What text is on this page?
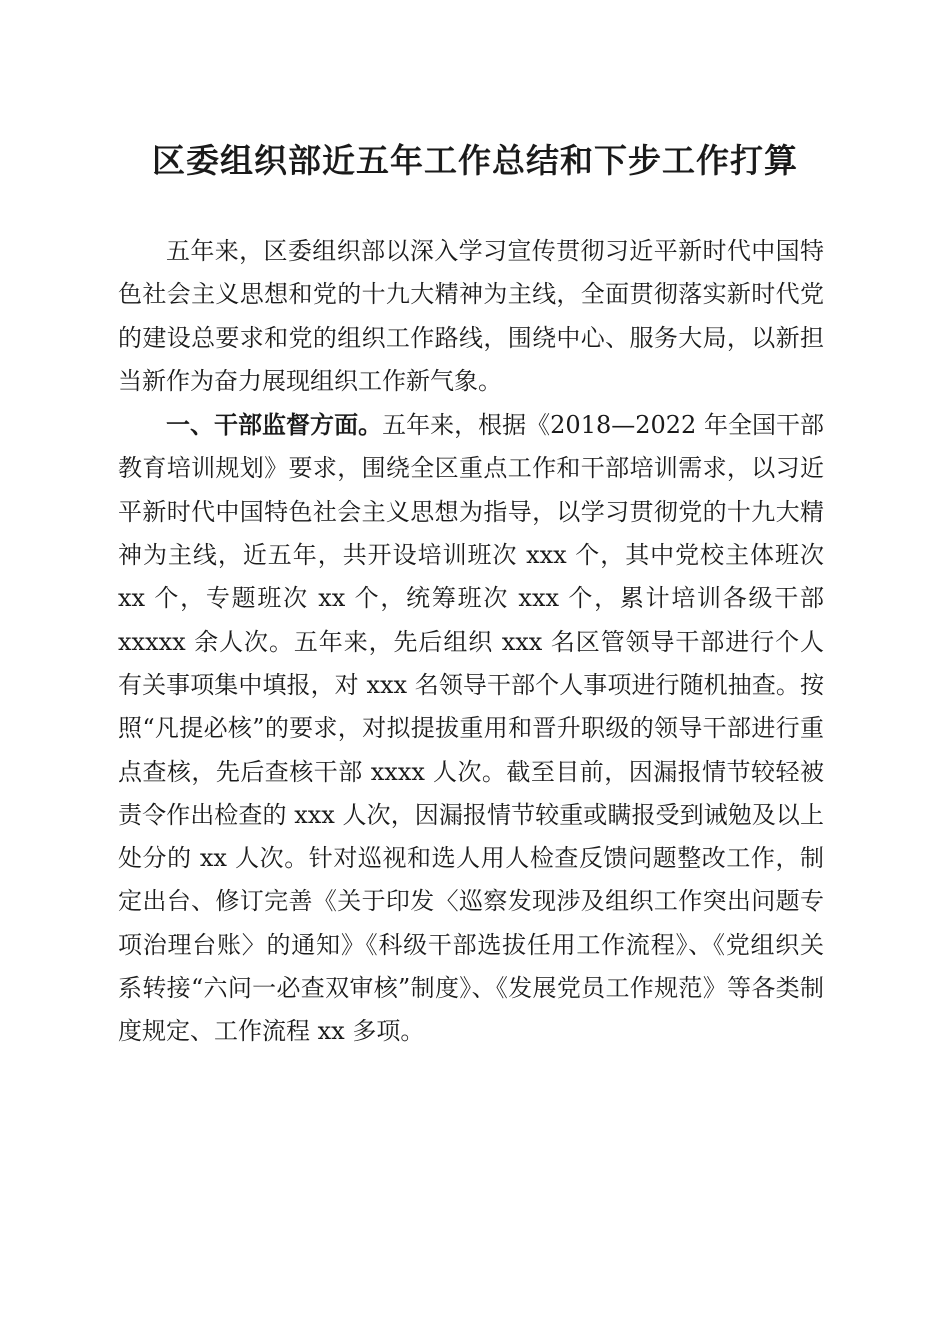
区委组织部近五年工作总结和下步工作打算

五年来，区委组织部以深入学习宣传贯彻习近平新时代中国特色社会主义思想和党的十九大精神为主线，全面贯彻落实新时代党的建设总要求和党的组织工作路线，围绕中心、服务大局，以新担当新作为奋力展现组织工作新气象。

一、干部监督方面。五年来，根据《2018—2022 年全国干部教育培训规划》要求，围绕全区重点工作和干部培训需求，以习近平新时代中国特色社会主义思想为指导，以学习贯彻党的十九大精神为主线，近五年，共开设培训班次 xxx 个，其中党校主体班次 xx 个，专题班次 xx 个，统筹班次 xxx 个，累计培训各级干部 xxxxx 余人次。五年来，先后组织 xxx 名区管领导干部进行个人有关事项集中填报，对 xxx 名领导干部个人事项进行随机抽查。按照“凡提必核”的要求，对拟提拔重用和晋升职级的领导干部进行重点查核，先后查核干部 xxxx 人次。截至目前，因漏报情节较轻被责令作出检查的 xxx 人次，因漏报情节较重或瞒报受到诫勉及以上处分的 xx 人次。针对巡视和选人用人检查反馈问题整改工作，制定出台、修订完善《关于印发〈巡察发现涉及组织工作突出问题专项治理台账〉的通知》《科级干部选拔任用工作流程》、《党组织关系转接“六问一必查双审核”制度》、《发展党员工作规范》等各类制度规定、工作流程 xx 多项。
